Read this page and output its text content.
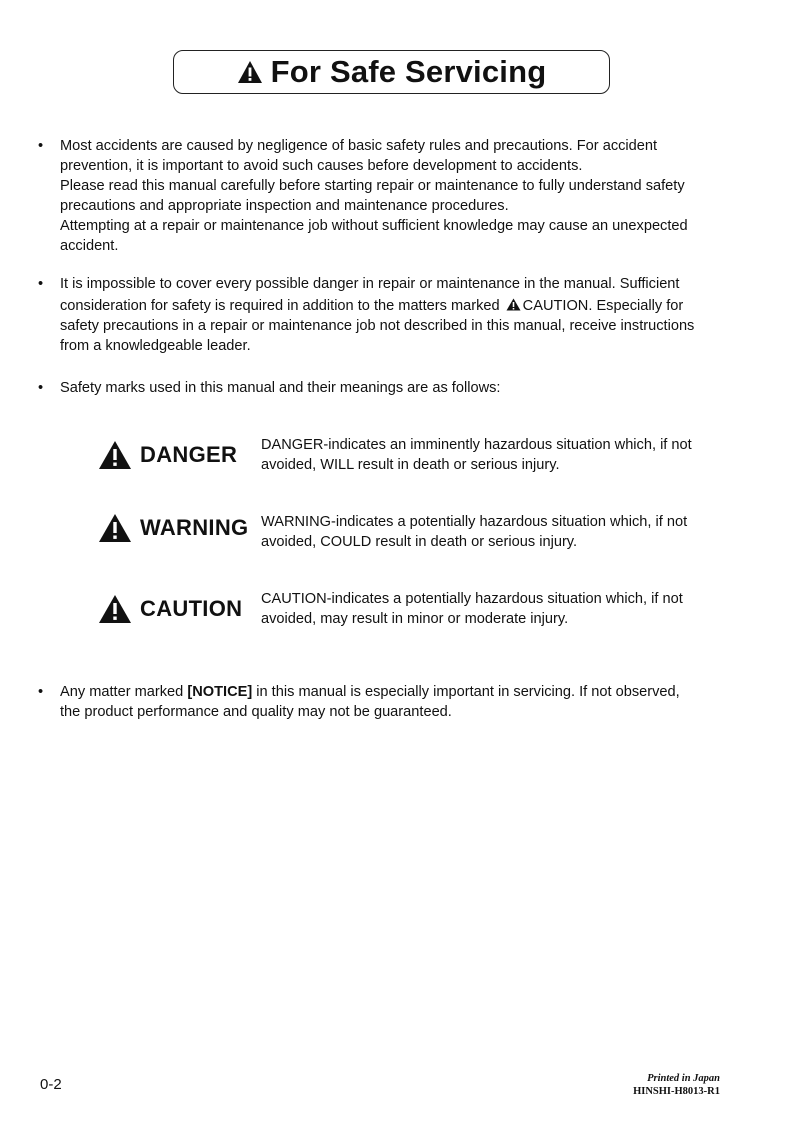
For Safe Servicing
• Most accidents are caused by negligence of basic safety rules and precautions. For accident
prevention, it is important to avoid such causes before development to accidents.
Please read this manual carefully before starting repair or maintenance to fully understand safety
precautions and appropriate inspection and maintenance procedures.
Attempting at a repair or maintenance job without sufficient knowledge may cause an unexpected
accident.
• It is impossible to cover every possible danger in repair or maintenance in the manual. Sufficient
consideration for safety is required in addition to the matters marked CAUTION. Especially for
safety precautions in a repair or maintenance job not described in this manual, receive instructions
from a knowledgeable leader.
• Safety marks used in this manual and their meanings are as follows:
DANGER DANGER-indicates an imminently hazardous situation which, if not
avoided, WILL result in death or serious injury.
WARNING WARNING-indicates a potentially hazardous situation which, if not
avoided, COULD result in death or serious injury.
CAUTION CAUTION-indicates a potentially hazardous situation which, if not
avoided, may result in minor or moderate injury.
• Any matter marked [NOTICE] in this manual is especially important in servicing. If not observed,
the product performance and quality may not be guaranteed.
0-2	Printed in Japan
HINSHI-H8013-R1
